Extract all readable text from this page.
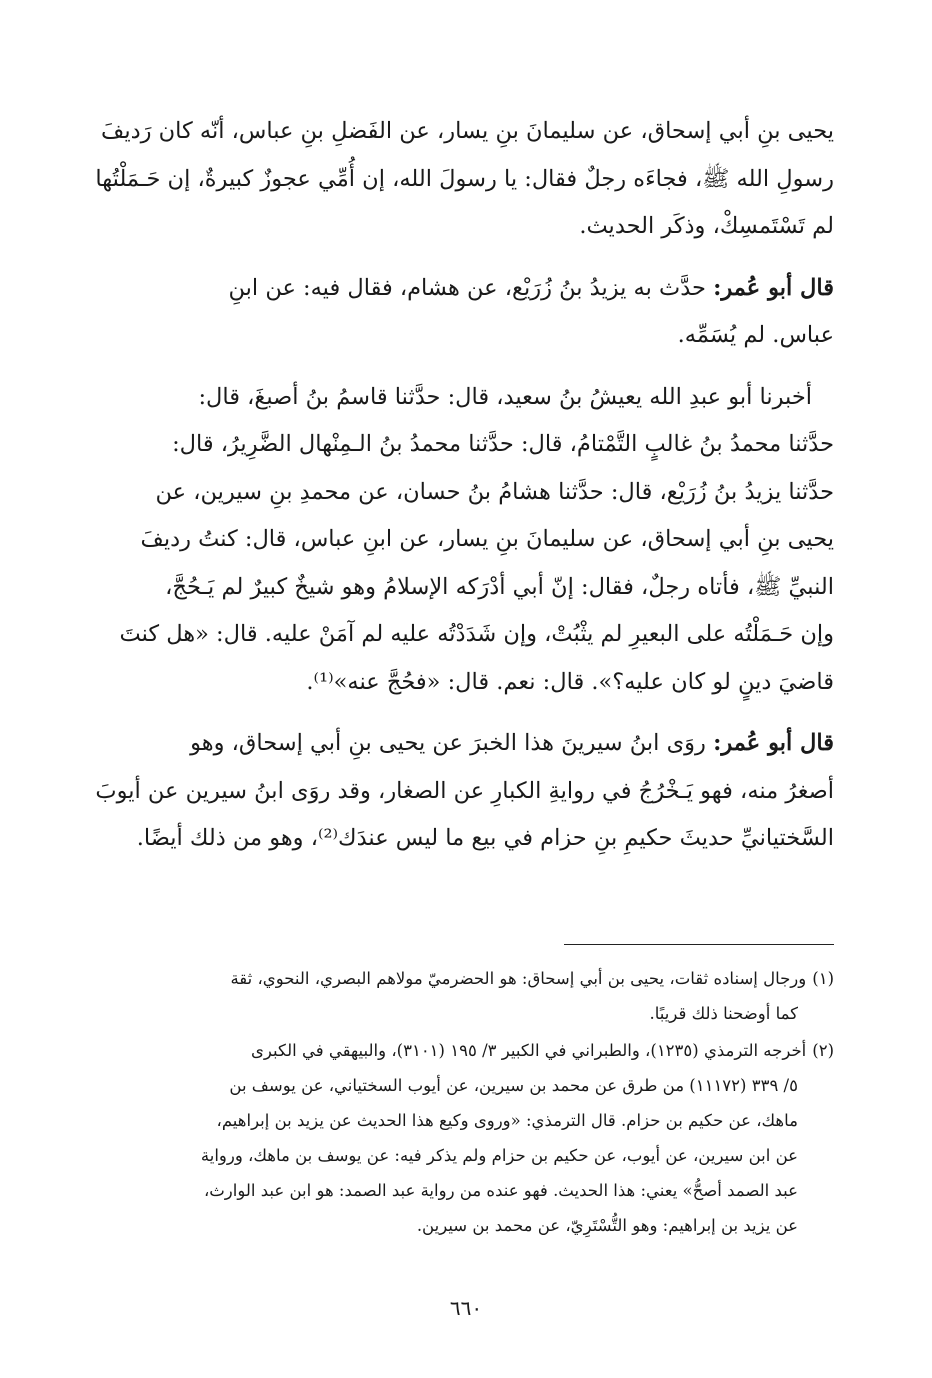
يحيى بنِ أبي إسحاق، عن سليمانَ بنِ يسار، عن الفَضلِ بنِ عباس، أنّه كان رَديفَ
رسولِ الله ﷺ، فجاءَه رجلٌ فقال: يا رسولَ الله، إن أُمِّي عجوزٌ كبيرةٌ، إن حَـمَلْتُها
لم تَسْتَمسِكْ، وذكَر الحديث.

قال أبو عُمر: حدَّث به يزيدُ بنُ زُرَيْع، عن هشام، فقال فيه: عن ابنِ
عباس. لم يُسَمِّه.

أخبرنا أبو عبدِ الله يعيشُ بنُ سعيد، قال: حدَّثنا قاسمُ بنُ أصبغَ، قال:
حدَّثنا محمدُ بنُ غالبٍ التَّمْتامُ، قال: حدَّثنا محمدُ بنُ الـمِنْهال الضَّرِيرُ، قال:
حدَّثنا يزيدُ بنُ زُرَيْع، قال: حدَّثنا هشامُ بنُ حسان، عن محمدِ بنِ سيرين، عن
يحيى بنِ أبي إسحاق، عن سليمانَ بنِ يسار، عن ابنِ عباس، قال: كنتُ رديفَ
النبيِّ ﷺ، فأتاه رجلٌ، فقال: إنّ أبي أدْرَكه الإسلامُ وهو شيخٌ كبيرٌ لم يَـحُجَّ،
وإن حَـمَلْتُه على البعيرِ لم يثْبُتْ، وإن شَدَدْتُه عليه لم آمَنْ عليه. قال: «هل كنتَ
قاضيَ دينٍ لو كان عليه؟». قال: نعم. قال: «فحُجَّ عنه»⁽¹⁾.

قال أبو عُمر: روَى ابنُ سيرينَ هذا الخبرَ عن يحيى بنِ أبي إسحاق، وهو
أصغرُ منه، فهو يَـخْرُجُ في روايةِ الكبارِ عن الصغار، وقد روَى ابنُ سيرين عن أيوبَ
السَّختيانيِّ حديثَ حكيمِ بنِ حزام في بيع ما ليس عندَك⁽²⁾، وهو من ذلك أيضًا.

(١)ورجال إسناده ثقات، يحيى بن أبي إسحاق: هو الحضرميّ مولاهم البصري، النحوي، ثقة
كما أوضحنا ذلك قريبًا.

(٢)أخرجه الترمذي (١٢٣٥)، والطبراني في الكبير ٣/ ١٩٥ (٣١٠١)، والبيهقي في الكبرى
٥/ ٣٣٩ (١١١٧٢) من طرق عن محمد بن سيرين، عن أيوب السختياني، عن يوسف بن
ماهك، عن حكيم بن حزام. قال الترمذي: «وروى وكيع هذا الحديث عن يزيد بن إبراهيم،
عن ابن سيرين، عن أيوب، عن حكيم بن حزام ولم يذكر فيه: عن يوسف بن ماهك، ورواية
عبد الصمد أصحُّ» يعني: هذا الحديث. فهو عنده من رواية عبد الصمد: هو ابن عبد الوارث،
عن يزيد بن إبراهيم: وهو التُّسْتَرِيّ، عن محمد بن سيرين.

٦٦٠
